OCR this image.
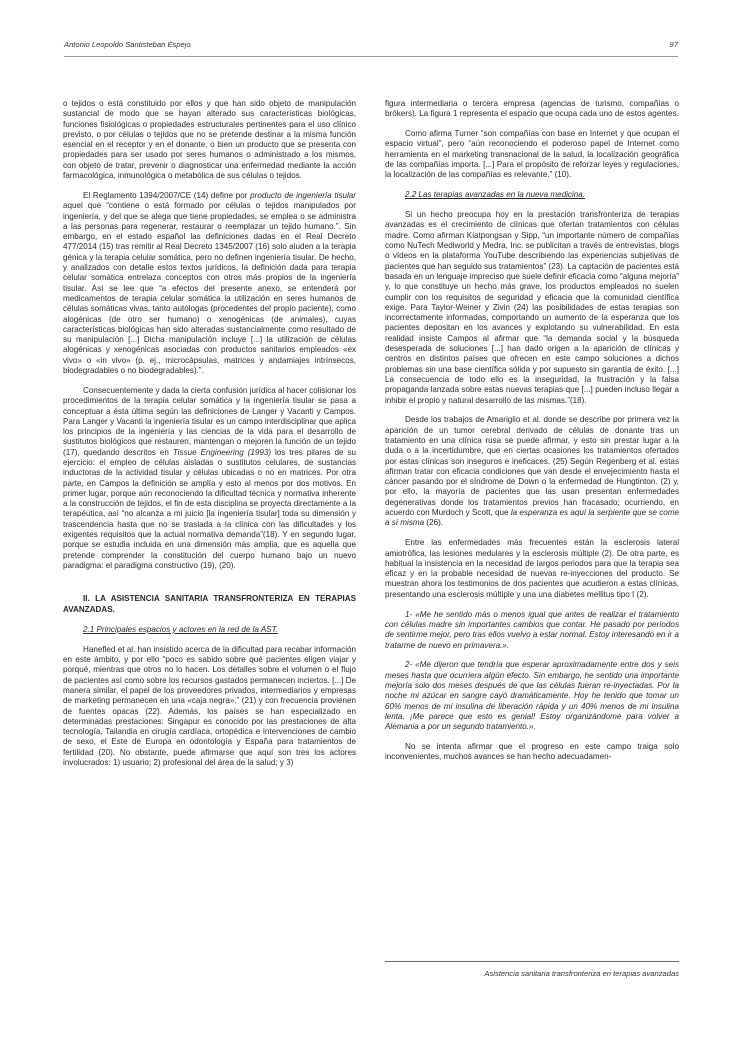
Antonio Leopoldo Santisteban Espejo	97

o tejidos o está constituido por ellos y que han sido objeto de manipulación sustancial de modo que se hayan alterado sus características biológicas, funciones fisiológicas o propiedades estructurales pertinentes para el uso clínico previsto, o por células o tejidos que no se pretende destinar a la misma función esencial en el receptor y en el donante, o bien un producto que se presenta con propiedades para ser usado por seres humanos o administrado a los mismos, con objeto de tratar, prevenir o diagnosticar una enfermedad mediante la acción farmacológica, inmunológica o metabólica de sus células o tejidos.

El Reglamento 1394/2007/CE (14) define por producto de ingeniería tisular aquel que “contiene o está formado por células o tejidos manipulados por ingeniería, y del que se alega que tiene propiedades, se emplea o se administra a las personas para regenerar, restaurar o reemplazar un tejido humano.”. Sin embargo, en el estado español las definiciones dadas en el Real Decreto 477/2014 (15) tras remitir al Real Decreto 1345/2007 (16) solo aluden a la terapia génica y la terapia celular somática, pero no definen ingeniería tisular. De hecho, y analizados con detalle estos textos jurídicos, la definición dada para terapia celular somática entrelaza conceptos con otros más propios de la ingeniería tisular. Así se lee que “a efectos del presente anexo, se entenderá por medicamentos de terapia celular somática la utilización en seres humanos de células somáticas vivas, tanto autólogas (procedentes del propio paciente), como alogénicas (de otro ser humano) o xenogénicas (de animales), cuyas características biológicas han sido alteradas sustancialmente como resultado de su manipulación [...] Dicha manipulación incluye [...] la utilización de células alogénicas y xenogénicas asociadas con productos sanitarios empleados «ex vivo» o «in vivo» (p. ej., microcápsulas, matrices y andamiajes intrínsecos, biodegradables o no biodegradables).”.

Consecuentemente y dada la cierta confusión jurídica al hacer colisionar los procedimientos de la terapia celular somática y la ingeniería tisular se pasa a conceptuar a ésta última según las definiciones de Langer y Vacanti y Campos. Para Langer y Vacanti la ingeniería tisular es un campo interdisciplinar que aplica los principios de la ingeniería y las ciencias de la vida para el desarrollo de sustitutos biológicos que restauren, mantengan o mejoren la función de un tejido (17), quedando descritos en Tissue Engineering (1993) los tres pilares de su ejercicio: el empleo de células aisladas o sustitutos celulares, de sustancias inductoras de la actividad tisular y células ubicadas o no en matrices. Por otra parte, en Campos la definición se amplía y esto al menos por dos motivos. En primer lugar, porque aún reconociendo la dificultad técnica y normativa inherente a la construcción de tejidos, el fin de esta disciplina se proyecta directamente a la terapéutica, así “no alcanza a mi juicio [la ingeniería tisular] toda su dimensión y trascendencia hasta que no se traslada a la clínica con las dificultades y los exigentes requisitos que la actual normativa demanda”(18). Y en segundo lugar, porque se estudia incluida en una dimensión más amplia, que es aquella que pretende comprender la constitución del cuerpo humano bajo un nuevo paradigma: el paradigma constructivo (19), (20).

II. LA ASISTENCIA SANITARIA TRANSFRONTERIZA EN TERAPIAS AVANZADAS.
2.1 Principales espacios y actores en la red de la AST.

Hanefled et al. han insistido acerca de la dificultad para recabar información en este ámbito, y por ello “poco es sabido sobre qué pacientes eligen viajar y porqué, mientras que otros no lo hacen. Los detalles sobre el volumen o el flujo de pacientes así como sobre los recursos gastados permanecen inciertos. [...] De manera similar, el papel de los proveedores privados, intermediarios y empresas de marketing permanecen en una «caja negra».” (21) y con frecuencia provienen de fuentes opacas (22). Además, los países se han especializado en determinadas prestaciones: Singapur es conocido por las prestaciones de alta tecnología, Tailandia en cirugía cardíaca, ortopédica e intervenciones de cambio de sexo, el Este de Europa en odontología y España para tratamientos de fertilidad (20). No obstante, puede afirmarse que aquí son tres los actores involucrados: 1) usuario; 2) profesional del área de la salud; y 3)

figura intermediaria o tercera empresa (agencias de turismo, compañías o brókers). La figura 1 representa el espacio que ocupa cada uno de estos agentes.

Como afirma Turner “son compañías con base en Internet y que ocupan el espacio virtual”, pero “aún reconociendo el poderoso papel de Internet como herramienta en el marketing transnacional de la salud, la localización geográfica de las compañías importa. [...] Para el propósito de reforzar leyes y regulaciones, la localización de las compañías es relevante.” (10).

2.2 Las terapias avanzadas en la nueva medicina.

Si un hecho preocupa hoy en la prestación transfronteriza de terapias avanzadas es el crecimiento de clínicas que ofertan tratamientos con células madre. Como afirman Kiatpongsan y Sipp, “un importante número de compañías como NuTech Mediworld y Medra, Inc. se publicitan a través de entrevistas, blogs o vídeos en la plataforma YouTube describiendo las experiencias subjetivas de pacientes que han seguido sus tratamientos” (23). La captación de pacientes está basada en un lenguaje impreciso que suele definir eficacia como “alguna mejoría” y, lo que constituye un hecho más grave, los productos empleados no suelen cumplir con los requisitos de seguridad y eficacia que la comunidad científica exige. Para Taylor-Weiner y Zivin (24) las posibilidades de estas terapias son incorrectamente informadas, comportando un aumento de la esperanza que los pacientes depositan en los avances y explotando su vulnerabilidad. En esta realidad insiste Campos al afirmar que “la demanda social y la búsqueda desesperada de soluciones [...] han dado origen a la aparición de clínicas y centros en distintos países que ofrecen en este campo soluciones a dichos problemas sin una base científica sólida y por supuesto sin garantía de éxito. [...] La consecuencia de todo ello es la inseguridad, la frustración y la falsa propaganda lanzada sobre estas nuevas terapias que [...] pueden incluso llegar a inhibir el propio y natural desarrollo de las mismas.”(18).

Desde los trabajos de Amariglio et al. donde se describe por primera vez la aparición de un tumor cerebral derivado de células de donante tras un tratamiento en una clínica rusa se puede afirmar, y esto sin prestar lugar a la duda o a la incertidumbre, que en ciertas ocasiones los tratamientos ofertados por estas clínicas son inseguros e ineficaces. (25) Según Regenberg et al. estas afirman tratar con eficacia condiciones que van desde el envejecimiento hasta el cáncer pasando por el síndrome de Down o la enfermedad de Hungtinton. (2) y, por ello, la mayoría de pacientes que las usan presentan enfermedades degenerativas donde los tratamientos previos han fracasado; ocurriendo, en acuerdo con Murdoch y Scott, que la esperanza es aquí la serpiente que se come a sí misma (26).

Entre las enfermedades más frecuentes están la esclerosis lateral amiotrófica, las lesiones medulares y la esclerosis múltiple (2). De otra parte, es habitual la insistencia en la necesidad de largos periodos para que la terapia sea eficaz y en la probable necesidad de nuevas re-inyecciones del producto. Se muestran ahora los testimonios de dos pacientes que acudieron a estas clínicas, presentando una esclerosis múltiple y una una diabetes mellitus tipo I (2).

1- «Me he sentido más o menos igual que antes de realizar el tratamiento con células madre sin importantes cambios que contar. He pasado por períodos de sentirme mejor, pero tras ellos vuelvo a estar normal. Estoy interesando en ir a tratarme de nuevo en primavera.».

2- «Me dijeron que tendría que esperar aproximadamente entre dos y seis meses hasta que ocurriera algún efecto. Sin embargo, he sentido una importante mejoría solo dos meses después de que las células fueran re-inyectadas. Por la noche mi azúcar en sangre cayó dramáticamente. Hoy he tenido que tomar un 60% menos de mi insulina de liberación rápida y un 40% menos de mi insulina lenta. ¡Me parece que esto es genial! Estoy organizándome para volver a Alemania a por un segundo tratamiento.».

No se intenta afirmar que el progreso en este campo traiga solo inconvenientes, muchos avances se han hecho adecuadamen-

Asistencia sanitaria transfronteriza en terapias avanzadas
